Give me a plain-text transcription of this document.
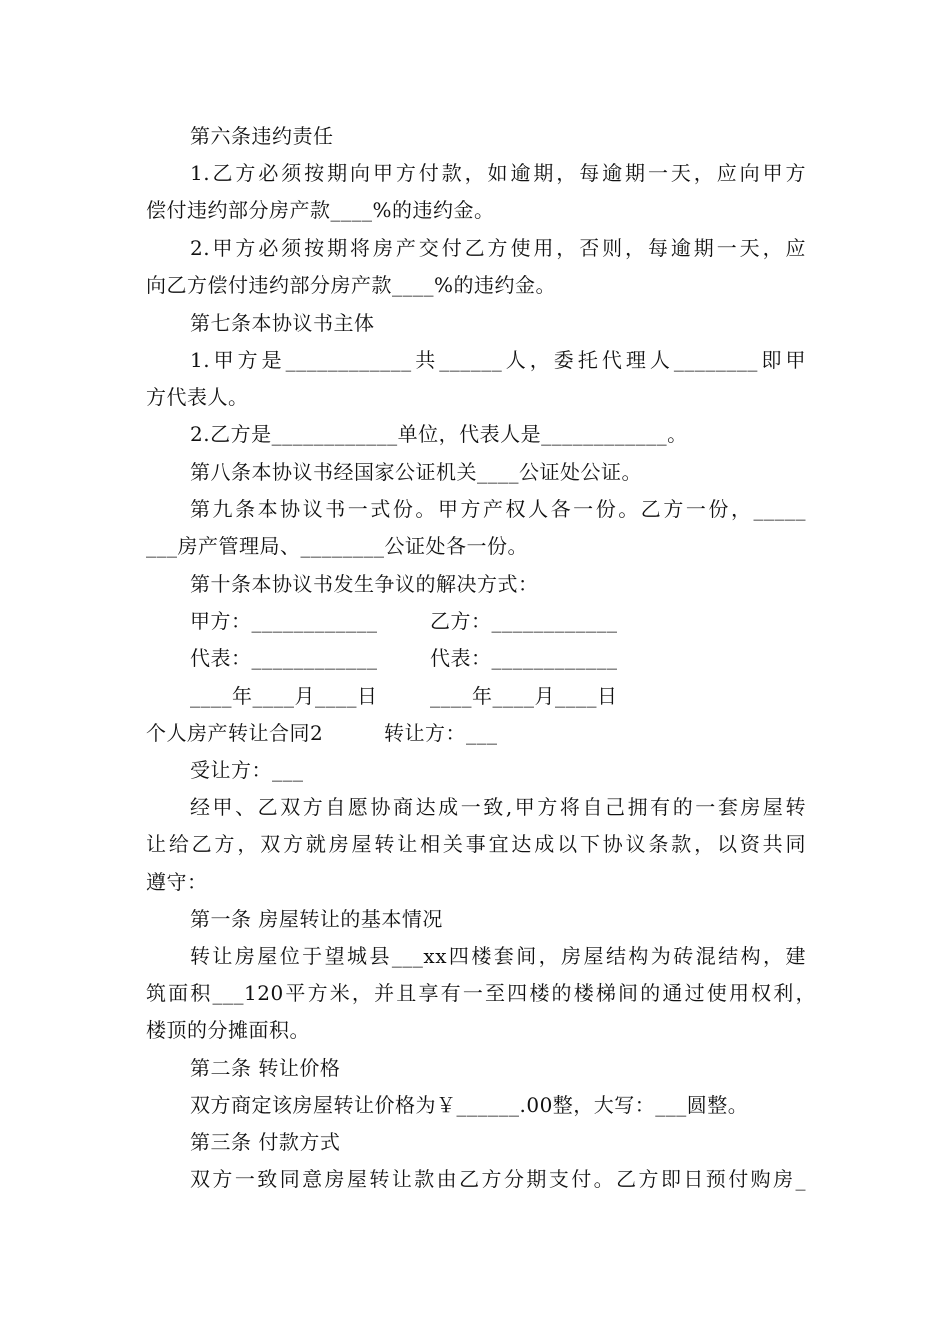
第六条违约责任
1.乙方必须按期向甲方付款，如逾期，每逾期一天，应向甲方
偿付违约部分房产款____%的违约金。
2.甲方必须按期将房产交付乙方使用，否则，每逾期一天，应
向乙方偿付违约部分房产款____%的违约金。
第七条本协议书主体
1.甲方是____________共______人，委托代理人________即甲
方代表人。
2.乙方是____________单位，代表人是____________。
第八条本协议书经国家公证机关____公证处公证。
第九条本协议书一式份。甲方产权人各一份。乙方一份，_____
___房产管理局、________公证处各一份。
第十条本协议书发生争议的解决方式：
甲方：____________	乙方：____________
代表：____________	代表：____________
____年____月____日	____年____月____日
个人房产转让合同2	转让方：___
受让方：___
经甲、乙双方自愿协商达成一致,甲方将自己拥有的一套房屋转
让给乙方，双方就房屋转让相关事宜达成以下协议条款，以资共同
遵守：
第一条 房屋转让的基本情况
转让房屋位于望城县___xx四楼套间，房屋结构为砖混结构，建
筑面积___120平方米，并且享有一至四楼的楼梯间的通过使用权利，
楼顶的分摊面积。
第二条 转让价格
双方商定该房屋转让价格为￥______.00整，大写：___圆整。
第三条 付款方式
双方一致同意房屋转让款由乙方分期支付。乙方即日预付购房_
